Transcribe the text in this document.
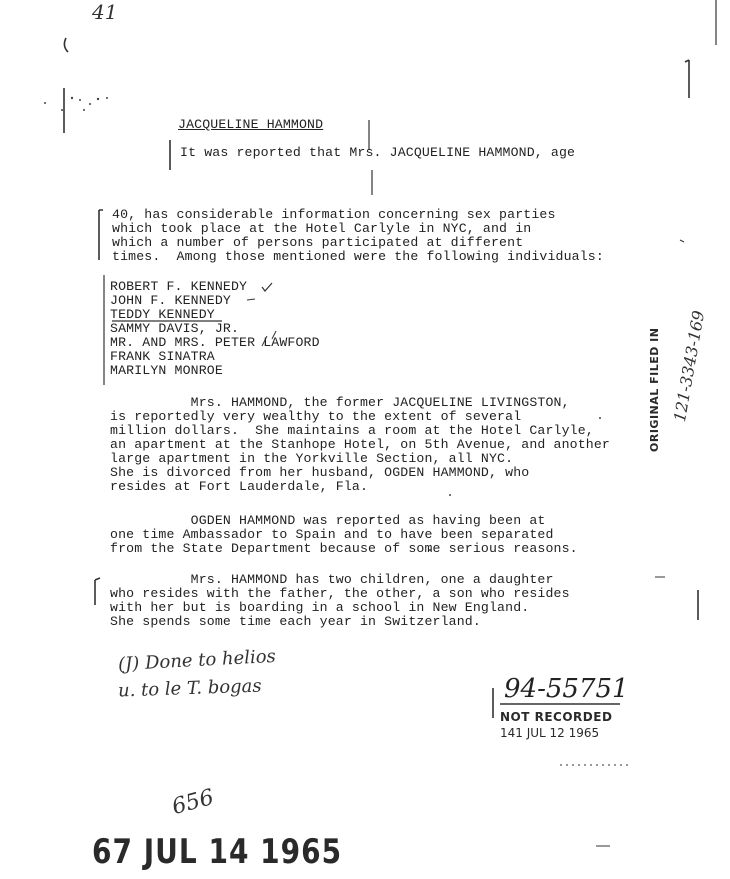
41
JACQUELINE HAMMOND
It was reported that Mrs. JACQUELINE HAMMOND, age
40, has considerable information concerning sex parties
which took place at the Hotel Carlyle in NYC, and in
which a number of persons participated at different
times.  Among those mentioned were the following individuals:
ROBERT F. KENNEDY
JOHN F. KENNEDY
TEDDY KENNEDY
SAMMY DAVIS, JR.
MR. AND MRS. PETER LAWFORD
FRANK SINATRA
MARILYN MONROE
Mrs. HAMMOND, the former JACQUELINE LIVINGSTON,
is reportedly very wealthy to the extent of several
million dollars.  She maintains a room at the Hotel Carlyle,
an apartment at the Stanhope Hotel, on 5th Avenue, and another
large apartment in the Yorkville Section, all NYC.
She is divorced from her husband, OGDEN HAMMOND, who
resides at Fort Lauderdale, Fla.
OGDEN HAMMOND was reported as having been at
one time Ambassador to Spain and to have been separated
from the State Department because of some serious reasons.
Mrs. HAMMOND has two children, one a daughter
who resides with the father, the other, a son who resides
with her but is boarding in a school in New England.
She spends some time each year in Switzerland.
ORIGINAL FILED IN 121-3343-169
(J) Done to helios
u. to le T. bogas	94-55751
NOT RECORDED
141 JUL 12 1965
656
67 JUL 14 1965
